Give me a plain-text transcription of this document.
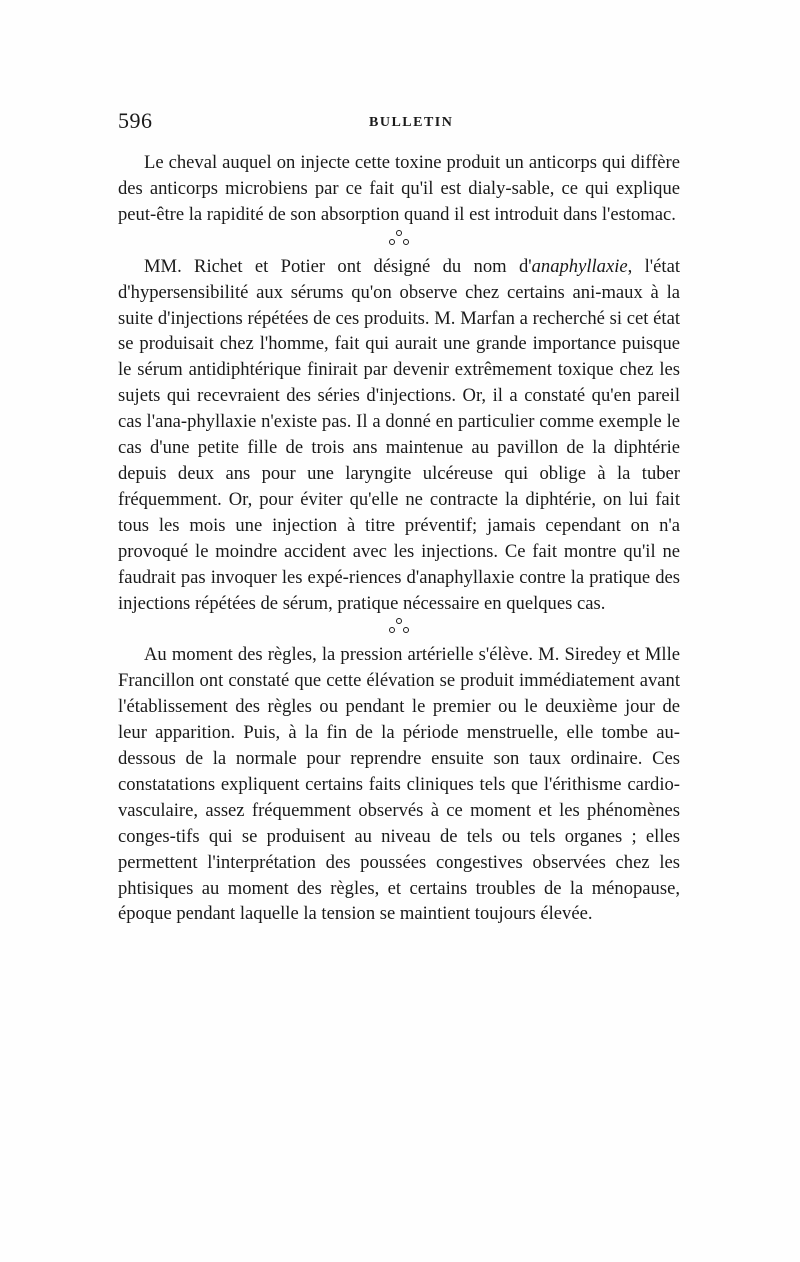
596	BULLETIN

Le cheval auquel on injecte cette toxine produit un anticorps qui diffère des anticorps microbiens par ce fait qu'il est dialy-sable, ce qui explique peut-être la rapidité de son absorption quand il est introduit dans l'estomac.

MM. Richet et Potier ont désigné du nom d'anaphyllaxie, l'état d'hypersensibilité aux sérums qu'on observe chez certains ani-maux à la suite d'injections répétées de ces produits. M. Marfan a recherché si cet état se produisait chez l'homme, fait qui aurait une grande importance puisque le sérum antidiphtérique finirait par devenir extrêmement toxique chez les sujets qui recevraient des séries d'injections. Or, il a constaté qu'en pareil cas l'ana-phyllaxie n'existe pas. Il a donné en particulier comme exemple le cas d'une petite fille de trois ans maintenue au pavillon de la diphtérie depuis deux ans pour une laryngite ulcéreuse qui oblige à la tuber fréquemment. Or, pour éviter qu'elle ne contracte la diphtérie, on lui fait tous les mois une injection à titre préventif; jamais cependant on n'a provoqué le moindre accident avec les injections. Ce fait montre qu'il ne faudrait pas invoquer les expé-riences d'anaphyllaxie contre la pratique des injections répétées de sérum, pratique nécessaire en quelques cas.

Au moment des règles, la pression artérielle s'élève. M. Siredey et Mlle Francillon ont constaté que cette élévation se produit immédiatement avant l'établissement des règles ou pendant le premier ou le deuxième jour de leur apparition. Puis, à la fin de la période menstruelle, elle tombe au-dessous de la normale pour reprendre ensuite son taux ordinaire. Ces constatations expliquent certains faits cliniques tels que l'érithisme cardio-vasculaire, assez fréquemment observés à ce moment et les phénomènes conges-tifs qui se produisent au niveau de tels ou tels organes ; elles permettent l'interprétation des poussées congestives observées chez les phtisiques au moment des règles, et certains troubles de la ménopause, époque pendant laquelle la tension se maintient toujours élevée.
